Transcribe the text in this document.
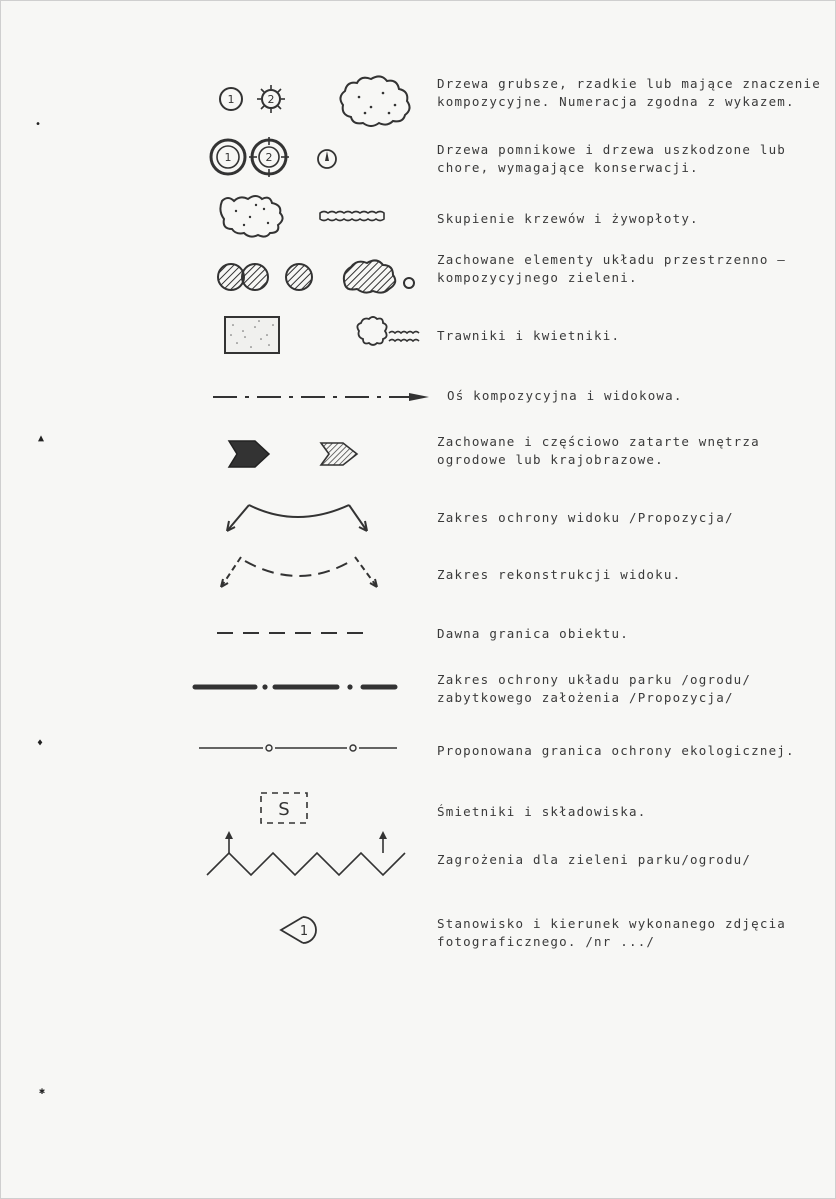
•
▲
♦
✱
1	2
Drzewa grubsze, rzadkie lub mające znaczenie
kompozycyjne. Numeracja zgodna z wykazem.
1	2
Drzewa pomnikowe i drzewa uszkodzone lub
chore, wymagające konserwacji.
Skupienie krzewów i żywopłoty.
Zachowane elementy układu przestrzenno –
kompozycyjnego zieleni.
Trawniki i kwietniki.
Oś kompozycyjna i widokowa.
Zachowane i częściowo zatarte wnętrza
ogrodowe lub krajobrazowe.
Zakres ochrony widoku /Propozycja/
Zakres rekonstrukcji widoku.
Dawna granica obiektu.
Zakres ochrony układu parku /ogrodu/
zabytkowego założenia /Propozycja/
Proponowana granica ochrony ekologicznej.
S	Śmietniki i składowiska.
Zagrożenia dla zieleni parku/ogrodu/
1
Stanowisko i kierunek wykonanego zdjęcia
fotograficznego. /nr .../
